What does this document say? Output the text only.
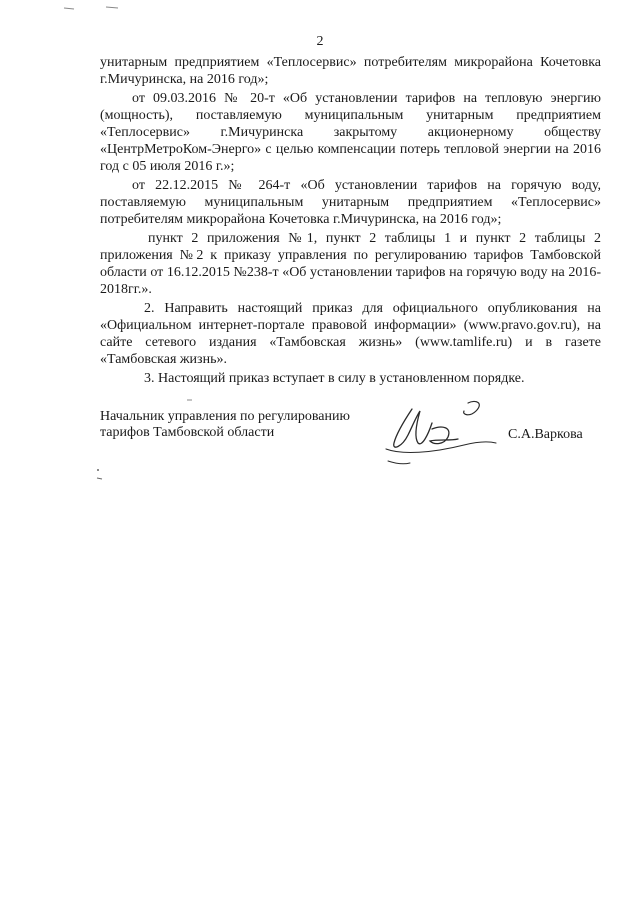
2

унитарным предприятием «Теплосервис» потребителям микрорайона Кочетовка г.Мичуринска, на 2016 год»;

от 09.03.2016 № 20-т «Об установлении тарифов на тепловую энергию (мощность), поставляемую муниципальным унитарным предприятием «Теплосервис» г.Мичуринска закрытому акционерному обществу «ЦентрМетроКом-Энерго» с целью компенсации потерь тепловой энергии на 2016 год с 05 июля 2016 г.»;

от 22.12.2015 № 264-т «Об установлении тарифов на горячую воду, поставляемую муниципальным унитарным предприятием «Теплосервис» потребителям микрорайона Кочетовка г.Мичуринска, на 2016 год»;

пункт 2 приложения №1, пункт 2 таблицы 1 и пункт 2 таблицы 2 приложения №2 к приказу управления по регулированию тарифов Тамбовской области от 16.12.2015 №238-т «Об установлении тарифов на горячую воду на 2016-2018гг.».

2. Направить настоящий приказ для официального опубликования на «Официальном интернет-портале правовой информации» (www.pravo.gov.ru), на сайте сетевого издания «Тамбовская жизнь» (www.tamlife.ru) и в газете «Тамбовская жизнь».

3. Настоящий приказ вступает в силу в установленном порядке.

Начальник управления по регулированию
тарифов Тамбовской области	С.А.Варкова
